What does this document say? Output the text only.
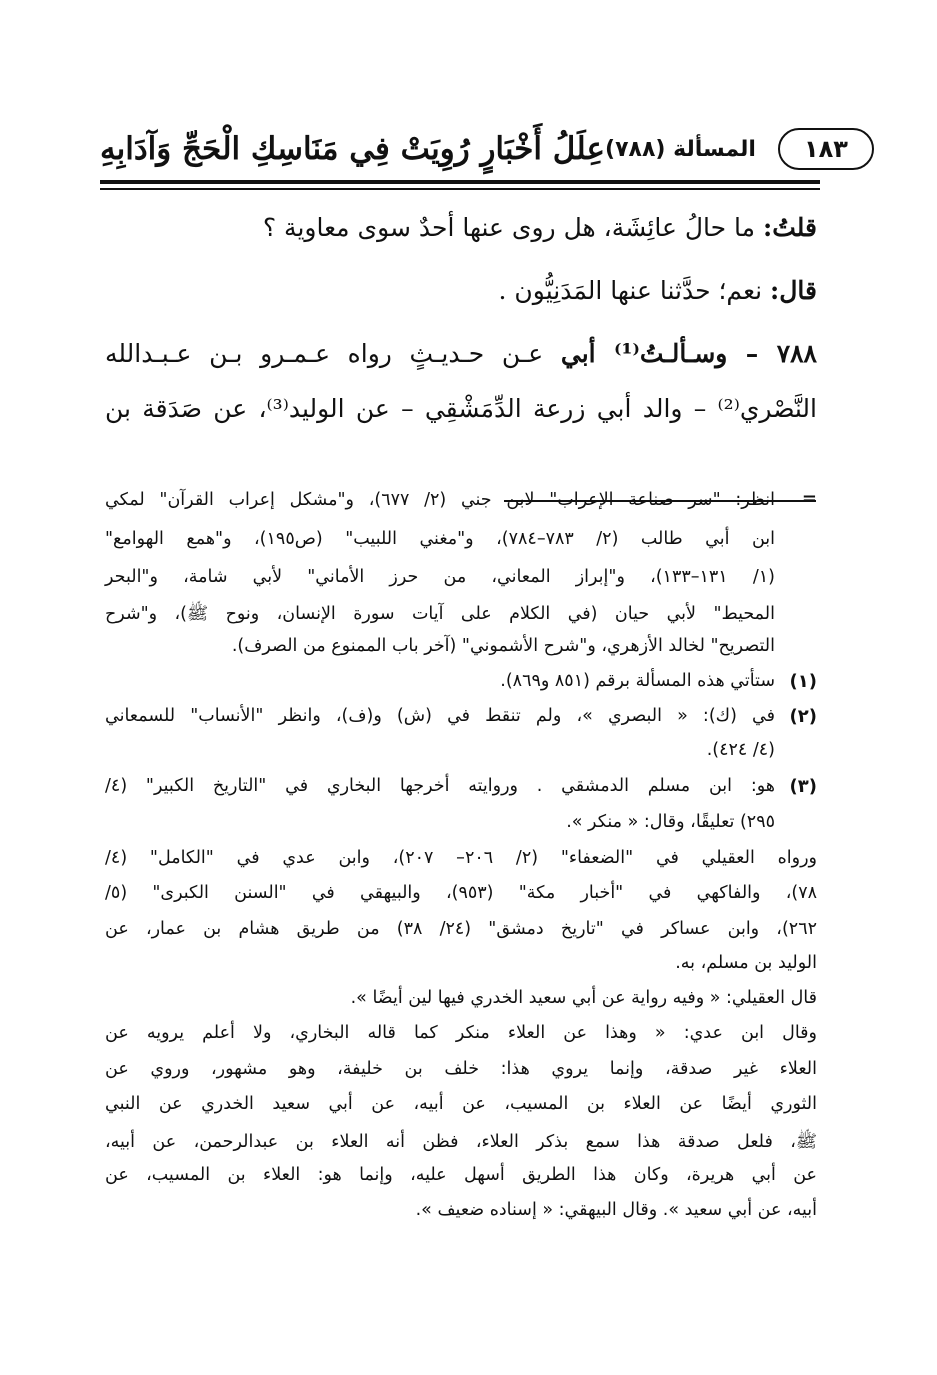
عِلَلُ أَخْبَارٍ رُوِيَتْ فِي مَنَاسِكِ الْحَجِّ وَآدَابِهِ المسألة (٧٨٨) ١٨٣
قلتُ: ما حالُ عائِشَة، هل روى عنها أحدٌ سوى معاوية ؟
قال: نعم؛ حدَّثنا عنها المَدَنِيُّون .
٧٨٨ – وسـألـتُ⁽¹⁾ أبي عـن حـديـثٍ رواه عـمـرو بـن عـبـدالله
النَّصْري⁽²⁾ – والد أبي زرعة الدِّمَشْقِي – عن الوليد⁽³⁾، عن صَدَقة بن
=
انظر: "سر صناعة الإعراب" لابن جني (٢/ ٦٧٧)، و"مشكل إعراب القرآن" لمكي
ابن أبي طالب (٢/ ٧٨٣–٧٨٤)، و"مغني اللبيب" (ص١٩٥)، و"همع الهوامع"
(١/ ١٣١–١٣٣)، و"إبراز المعاني، من حرز الأماني" لأبي شامة، و"البحر
المحيط" لأبي حيان (في الكلام على آيات سورة الإنسان، ونوح ﷺ)، و"شرح
التصريح" لخالد الأزهري، و"شرح الأشموني" (آخر باب الممنوع من الصرف).
(١)
ستأتي هذه المسألة برقم (٨٥١ و٨٦٩).
(٢)
في (ك): « البصري »، ولم تنقط في (ش) و(ف)، وانظر "الأنساب" للسمعاني
(٤/ ٤٢٤).
(٣)
هو: ابن مسلم الدمشقي . وروايته أخرجها البخاري في "التاريخ الكبير" (٤/
٢٩٥) تعليقًا، وقال: « منكر ».
ورواه العقيلي في "الضعفاء" (٢/ ٢٠٦– ٢٠٧)، وابن عدي في "الكامل" (٤/
٧٨)، والفاكهي في "أخبار مكة" (٩٥٣)، والبيهقي في "السنن الكبرى" (٥/
٢٦٢)، وابن عساكر في "تاريخ دمشق" (٢٤/ ٣٨) من طريق هشام بن عمار، عن
الوليد بن مسلم، به.
قال العقيلي: « وفيه رواية عن أبي سعيد الخدري فيها لين أيضًا ».
وقال ابن عدي: « وهذا عن العلاء منكر كما قاله البخاري، ولا أعلم يرويه عن
العلاء غير صدقة، وإنما يروي هذا: خلف بن خليفة، وهو مشهور، وروي عن
الثوري أيضًا عن العلاء بن المسيب، عن أبيه، عن أبي سعيد الخدري عن النبي
ﷺ، فلعل صدقة هذا سمع بذكر العلاء، فظن أنه العلاء بن عبدالرحمن، عن أبيه،
عن أبي هريرة، وكان هذا الطريق أسهل عليه، وإنما هو: العلاء بن المسيب، عن
أبيه، عن أبي سعيد ». وقال البيهقي: « إسناده ضعيف ».
